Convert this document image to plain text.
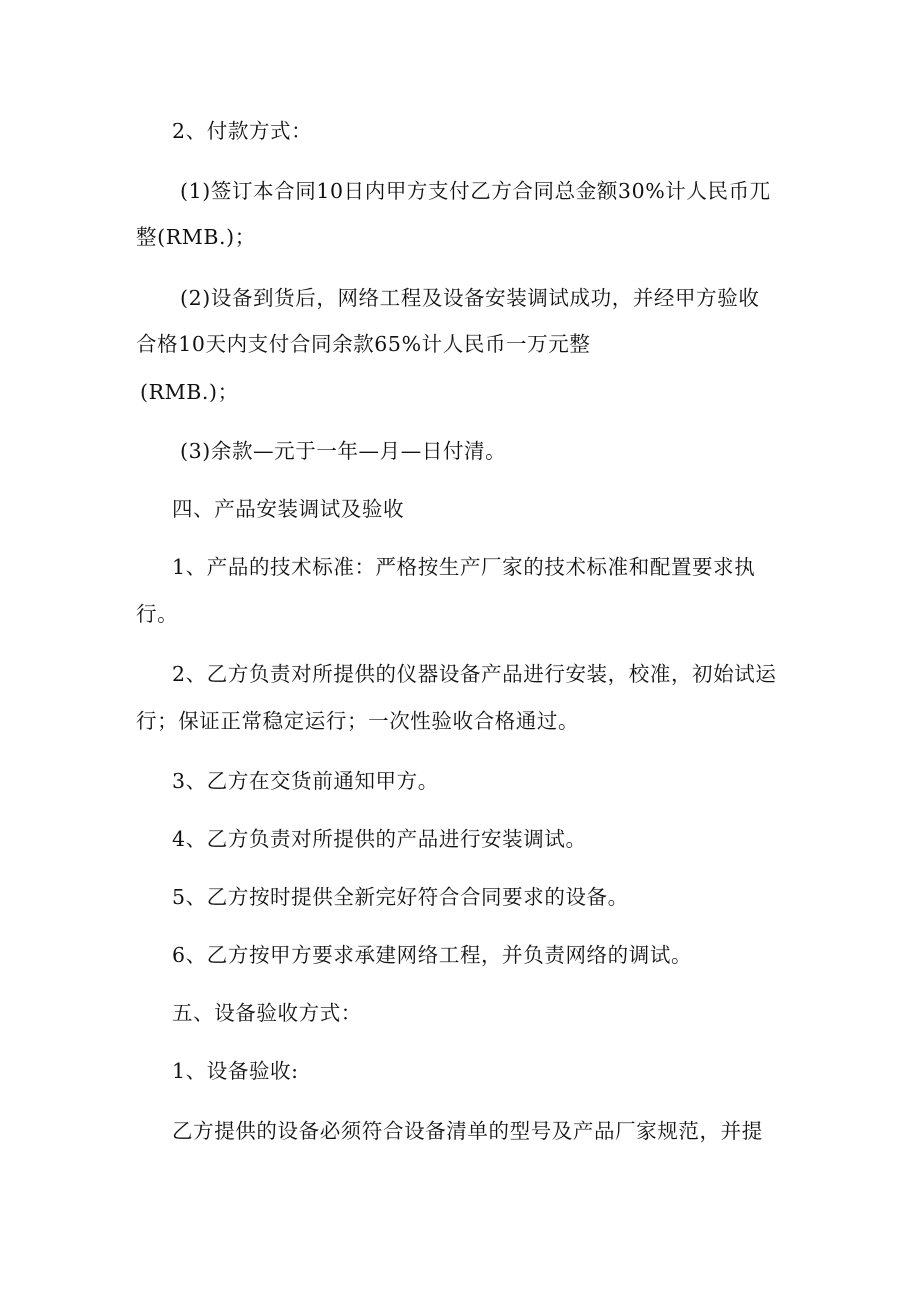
2、付款方式：
(1)签订本合同10日内甲方支付乙方合同总金额30%计人民币兀
整(RMB.)；
(2)设备到货后，网络工程及设备安装调试成功，并经甲方验收
合格10天内支付合同余款65%计人民币一万元整
(RMB.)；
(3)余款—元于一年—月—日付清。
四、产品安装调试及验收
1、产品的技术标准：严格按生产厂家的技术标准和配置要求执
行。
2、乙方负责对所提供的仪器设备产品进行安装，校准，初始试运
行；保证正常稳定运行；一次性验收合格通过。
3、乙方在交货前通知甲方。
4、乙方负责对所提供的产品进行安装调试。
5、乙方按时提供全新完好符合合同要求的设备。
6、乙方按甲方要求承建网络工程，并负责网络的调试。
五、设备验收方式：
1、设备验收:
乙方提供的设备必须符合设备清单的型号及产品厂家规范，并提
